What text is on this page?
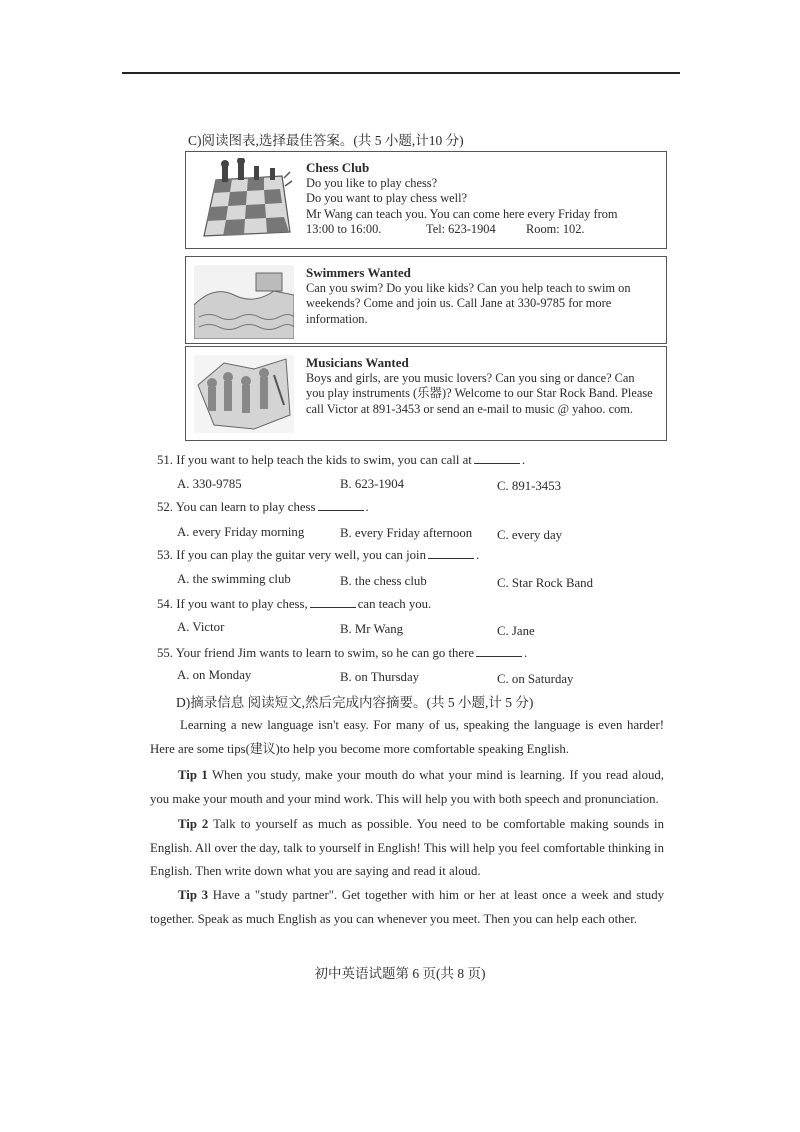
C)阅读图表,选择最佳答案。(共 5 小题,计10 分)
Chess Club
Do you like to play chess?
Do you want to play chess well?
Mr Wang can teach you. You can come here every Friday from
13:00 to 16:00.	Tel: 623-1904 Room: 102.
Swimmers Wanted
Can you swim? Do you like kids? Can you help teach to swim on weekends? Come and join us. Call Jane at 330-9785 for more information.
Musicians Wanted
Boys and girls, are you music lovers? Can you sing or dance? Can you play instruments (乐器)? Welcome to our Star Rock Band. Please call Victor at 891-3453 or send an e-mail to music @ yahoo. com.
51. If you want to help teach the kids to swim, you can call at	.
A. 330-9785	B. 623-1904	C. 891-3453
52. You can learn to play chess	.
A. every Friday morning	B. every Friday afternoon C. every day
53. If you can play the guitar very well, you can join	.
A. the swimming club	B. the chess club	C. Star Rock Band
54. If you want to play chess,	can teach you.
A. Victor	B. Mr Wang	C. Jane
55. Your friend Jim wants to learn to swim, so he can go there	.
A. on Monday	B. on Thursday	C. on Saturday
D)摘录信息 阅读短文,然后完成内容摘要。(共 5 小题,计 5 分)
Learning a new language isn't easy. For many of us, speaking the language is even harder! Here are some tips(建议)to help you become more comfortable speaking English.
Tip 1 When you study, make your mouth do what your mind is learning. If you read aloud, you make your mouth and your mind work. This will help you with both speech and pronunciation.
Tip 2 Talk to yourself as much as possible. You need to be comfortable making sounds in English. All over the day, talk to yourself in English! This will help you feel comfortable thinking in English. Then write down what you are saying and read it aloud.
Tip 3 Have a "study partner". Get together with him or her at least once a week and study together. Speak as much English as you can whenever you meet. Then you can help each other.
初中英语试题第 6 页(共 8 页)
